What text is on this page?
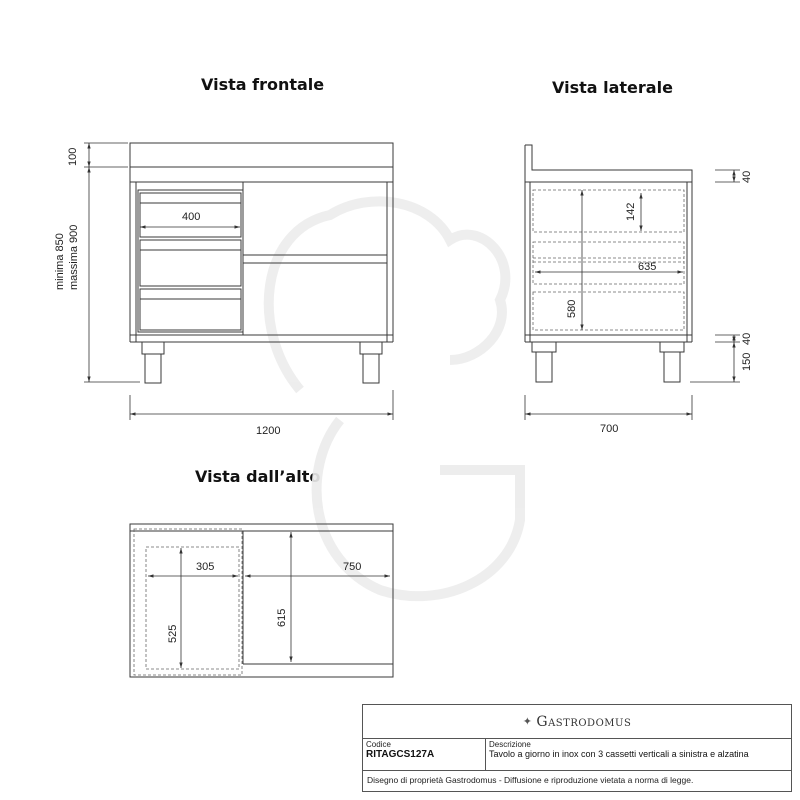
Vista frontale	Vista laterale
Vista dall’alto
100
minima 850 massima 900
400
1200
40
142
635
580
40
150
700
305	750
525
615
✦ Gastrodomus
Codice
RITAGCS127A
Descrizione
Tavolo a giorno in inox con 3 cassetti verticali a sinistra e alzatina
Disegno di proprietà Gastrodomus - Diffusione e riproduzione vietata a norma di legge.
